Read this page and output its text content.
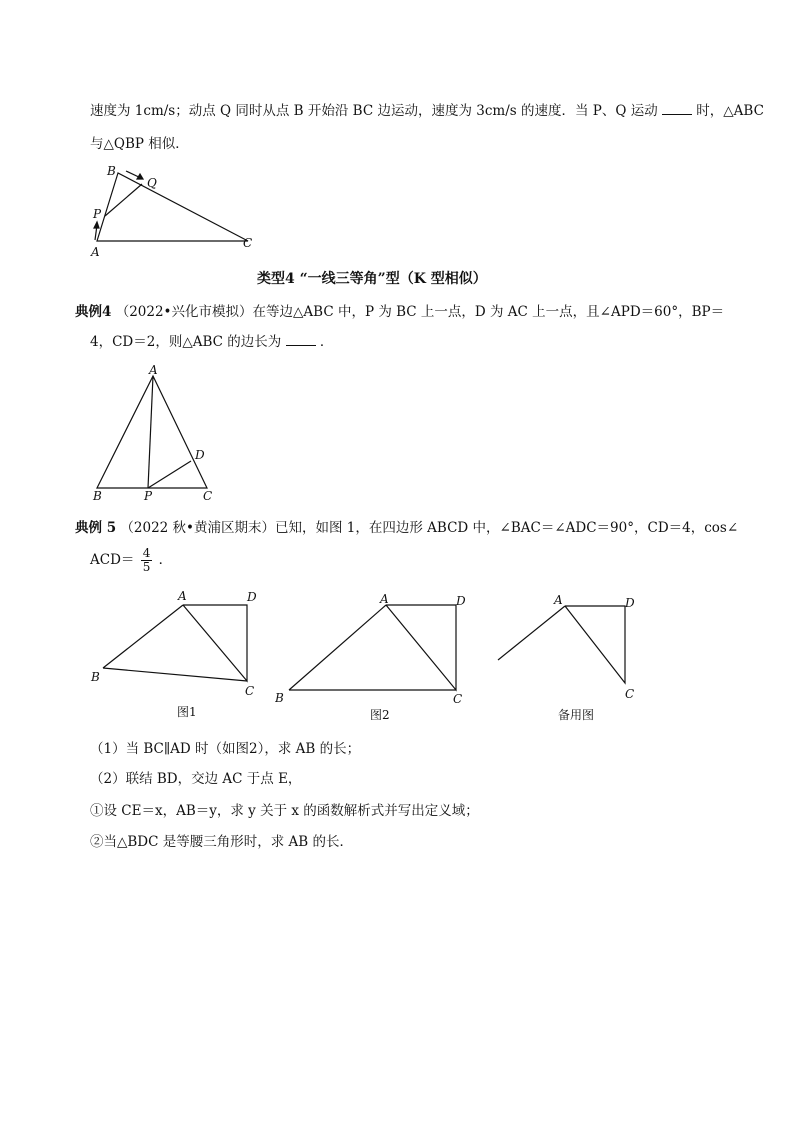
速度为 1cm/s；动点 Q 同时从点 B 开始沿 BC 边运动，速度为 3cm/s 的速度．当 P、Q 运动	时，△ABC
与△QBP 相似．
B
Q
P
A
C
类型4 “一线三等角”型（K 型相似）
典例4 （2022•兴化市模拟）在等边△ABC 中，P 为 BC 上一点，D 为 AC 上一点，且∠APD＝60°，BP＝
4，CD＝2，则△ABC 的边长为	．
A
D
B	P	C
典例 5 （2022 秋•黄浦区期末）已知，如图 1，在四边形 ABCD 中，∠BAC＝∠ADC＝90°，CD＝4，cos∠
$ACD= \frac{4}{5}$ ．
A	D
B
C
图1
A	D
B	C
图2
A	D
C
备用图
（1）当 BC∥AD 时（如图2），求 AB 的长；
（2）联结 BD，交边 AC 于点 E，
①设 CE＝x，AB＝y，求 y 关于 x 的函数解析式并写出定义域；
②当△BDC 是等腰三角形时，求 AB 的长．
